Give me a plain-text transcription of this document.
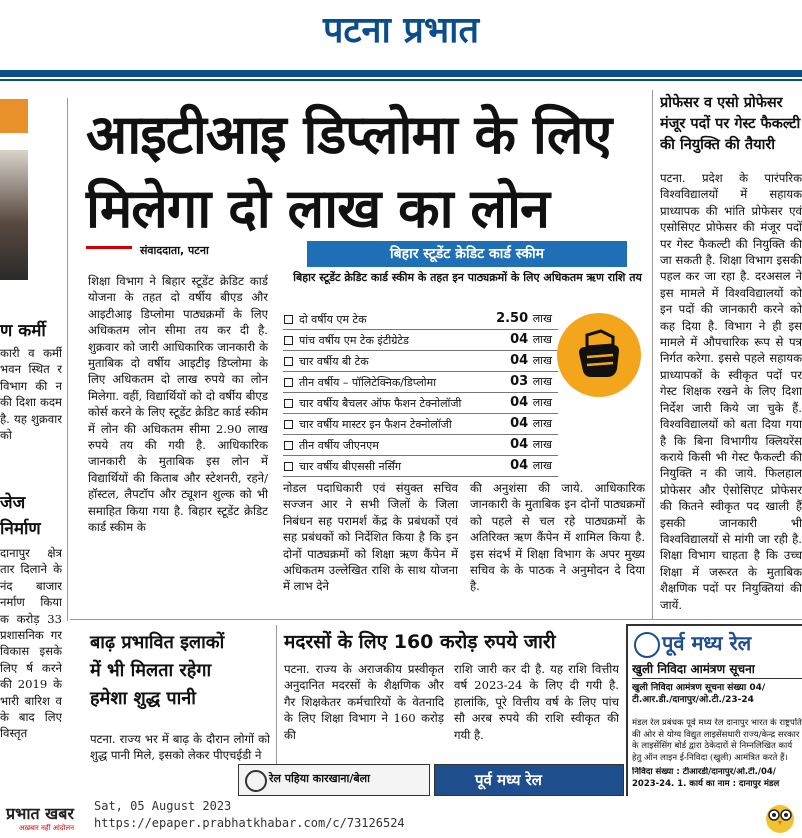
पटना प्रभात
ण कर्मी
कारी व कर्मी भवन स्थित र विभाग की न की दिशा कदम है. यह शुक्रवार को
जेज
निर्माण
दानापुर क्षेत्र तार दिलाने के नंद बाजार नर्माण किया क करोड़ 33 प्रशासनिक गर विकास इसके लिए र्ष करने की 2019 के भारी बारिश व के बाद लिए विस्तृत
आइटीआइ डिप्लोमा के लिए
मिलेगा दो लाख का लोन
संवाददाता, पटना

शिक्षा विभाग ने बिहार स्टूडेंट क्रेडिट कार्ड योजना के तहत दो वर्षीय बीएड और आइटीआइ डिप्लोमा पाठ्यक्रमों के लिए अधिकतम लोन सीमा तय कर दी है. शुक्रवार को जारी आधिकारिक जानकारी के मुताबिक दो वर्षीय आइटीइ डिप्लोमा के लिए अधिकतम दो लाख रुपये का लोन मिलेगा. वहीं, विद्यार्थियों को दो वर्षीय बीएड कोर्स करने के लिए स्टूडेंट क्रेडिट कार्ड स्कीम में लोन की अधिकतम सीमा 2.90 लाख रुपये तय की गयी है. आधिकारिक जानकारी के मुताबिक इस लोन में विद्यार्थियों की किताब और स्टेशनरी, रहने/हॉस्टल, लैपटॉप और ट्यूशन शुल्क को भी समाहित किया गया है. बिहार स्टूडेंट क्रेडिट कार्ड स्कीम के

बिहार स्टूडेंट क्रेडिट कार्ड स्कीम
बिहार स्टूडेंट क्रेडिट कार्ड स्कीम के तहत इन पाठ्यक्रमों के लिए अधिकतम ऋण राशि तय
दो वर्षीय एम टेक	2.50 लाख
पांच वर्षीय एम टेक इंटीग्रेटेड	04 लाख
चार वर्षीय बी टेक	04 लाख
तीन वर्षीय – पॉलिटेक्निक/डिप्लोमा	03 लाख
चार वर्षीय बैचलर ऑफ फैशन टेक्नोलॉजी	04 लाख
चार वर्षीय मास्टर इन फैशन टेक्नोलॉजी	04 लाख
तीन वर्षीय जीएनएम	04 लाख
चार वर्षीय बीएससी नर्सिंग	04 लाख

नोडल पदाधिकारी एवं संयुक्त सचिव सज्जन आर ने सभी जिलों के जिला निबंधन सह परामर्श केंद्र के प्रबंधकों एवं सह प्रबंधकों को निर्देशित किया है कि इन दोनों पाठ्यक्रमों को शिक्षा ऋण कैंपेन में अधिकतम उल्लेखित राशि के साथ योजना में लाभ देने

की अनुशंसा की जाये. आधिकारिक जानकारी के मुताबिक इन दोनों पाठ्यक्रमों को पहले से चल रहे पाठ्यक्रमों के अतिरिक्त ऋण कैंपेन में शामिल किया है. इस संदर्भ में शिक्षा विभाग के अपर मुख्य सचिव के के पाठक ने अनुमोदन दे दिया है.

बाढ़ प्रभावित इलाकों
में भी मिलता रहेगा
हमेशा शुद्ध पानी
पटना. राज्य भर में बाढ़ के दौरान लोगों को शुद्ध पानी मिले, इसको लेकर पीएचईडी ने
मदरसों के लिए 160 करोड़ रुपये जारी
पटना. राज्य के अराजकीय प्रस्वीकृत अनुदानित मदरसों के शैक्षणिक और गैर शिक्षकेतर कर्मचारियों के वेतनादि के लिए शिक्षा विभाग ने 160 करोड़ की
राशि जारी कर दी है. यह राशि वित्तीय वर्ष 2023-24 के लिए दी गयी है. हालांकि, पूरे वित्तीय वर्ष के लिए पांच सौ अरब रुपये की राशि स्वीकृत की गयी है.
रेल पहिया कारखाना/बेला	पूर्व मध्य रेल
प्रोफेसर व एसो प्रोफेसर
मंजूर पदों पर गेस्ट फैकल्टी
की नियुक्ति की तैयारी
पटना. प्रदेश के पारंपरिक विश्वविद्यालयों में सहायक प्राध्यापक की भांति प्रोफेसर एवं एसोसिएट प्रोफेसर की मंजूर पदों पर गेस्ट फैकल्टी की नियुक्ति की जा सकती है. शिक्षा विभाग इसकी पहल कर जा रहा है. दरअसल ने इस मामले में विश्वविद्यालयों को इन पदों की जानकारी करने को कह दिया है. विभाग ने ही इस मामले में औपचारिक रूप से पत्र निर्गत करेगा. इससे पहले सहायक प्राध्यापकों के स्वीकृत पदों पर गेस्ट शिक्षक रखने के लिए दिशा निर्देश जारी किये जा चुके हैं. विश्वविद्यालयों को बता दिया गया है कि बिना विभागीय क्लियरेंस कराये किसी भी गेस्ट फैकल्टी की नियुक्ति न की जाये. फिलहाल प्रोफेसर और ऐसोसिएट प्रोफेसर की कितने स्वीकृत पद खाली हैं इसकी जानकारी भी विश्वविद्यालयों से मांगी जा रही है. शिक्षा विभाग चाहता है कि उच्च शिक्षा में जरूरत के मुताबिक शैक्षणिक पदों पर नियुक्तियां की जायें.
पूर्व मध्य रेल
खुली निविदा आमंत्रण सूचना
खुली निविदा आमंत्रण सूचना संख्या 04/ टी.आर.डी./दानापुर/ओ.टी./23-24
मंडल रेल प्रबंधक पूर्व मध्य रेल दानापुर भारत के राष्ट्रपति की ओर से योग्य विद्युत लाइसेंसधारी राज्य/केन्द्र सरकार के लाइसेंसिंग बोर्ड द्वारा ठेकेदारों से निम्नलिखित कार्य हेतु ऑन लाइन ई-निविदा (खुली) आमंत्रित करते हैं।
निविदा संख्या : टीआरडी/दानापुर/ओ.टी./04/ 2023-24. 1. कार्य का नाम : दानापुर मंडल
प्रभात खबर
अख़बार नहीं आंदोलन
Sat, 05 August 2023
https://epaper.prabhatkhabar.com/c/73126524
